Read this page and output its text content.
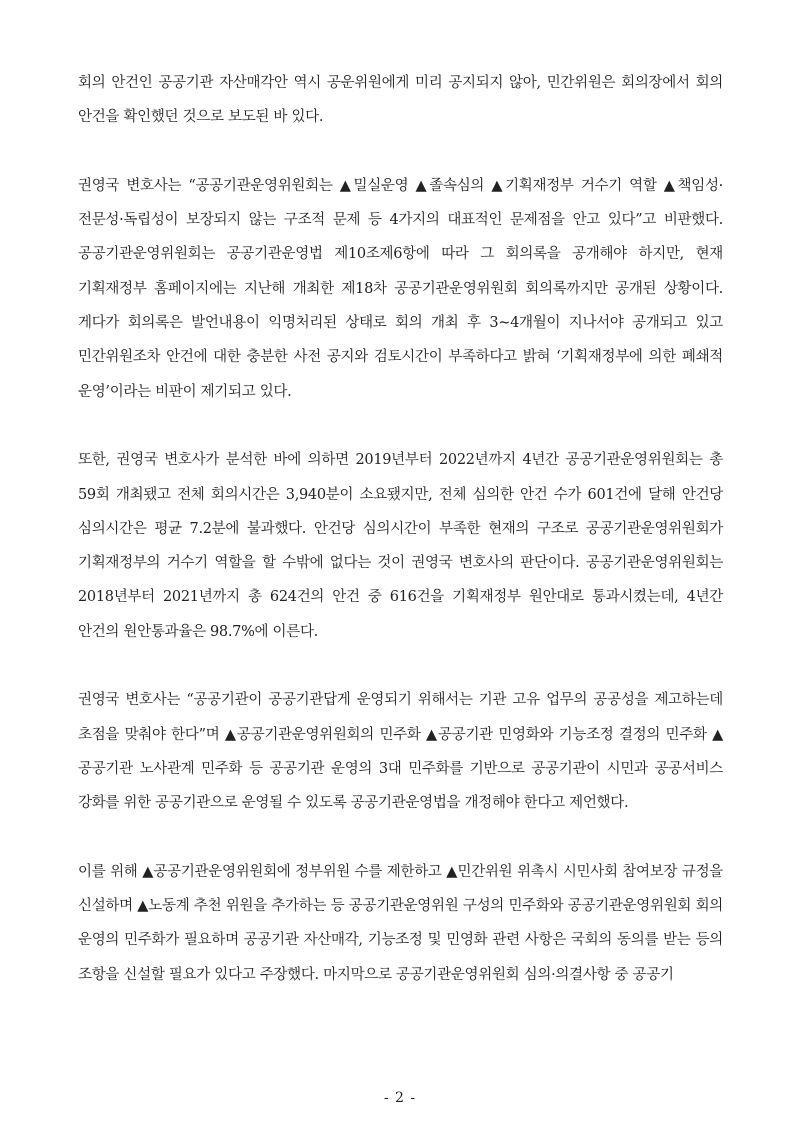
회의 안건인 공공기관 자산매각안 역시 공운위원에게 미리 공지되지 않아, 민간위원은 회의장에서 회의 안건을 확인했던 것으로 보도된 바 있다.

권영국 변호사는 “공공기관운영위원회는 ▲밀실운영 ▲졸속심의 ▲기획재정부 거수기 역할 ▲책임성·전문성·독립성이 보장되지 않는 구조적 문제 등 4가지의 대표적인 문제점을 안고 있다”고 비판했다. 공공기관운영위원회는 공공기관운영법 제10조제6항에 따라 그 회의록을 공개해야 하지만, 현재 기획재정부 홈페이지에는 지난해 개최한 제18차 공공기관운영위원회 회의록까지만 공개된 상황이다. 게다가 회의록은 발언내용이 익명처리된 상태로 회의 개최 후 3~4개월이 지나서야 공개되고 있고 민간위원조차 안건에 대한 충분한 사전 공지와 검토시간이 부족하다고 밝혀 ‘기획재정부에 의한 폐쇄적 운영’이라는 비판이 제기되고 있다.

또한, 권영국 변호사가 분석한 바에 의하면 2019년부터 2022년까지 4년간 공공기관운영위원회는 총 59회 개최됐고 전체 회의시간은 3,940분이 소요됐지만, 전체 심의한 안건 수가 601건에 달해 안건당 심의시간은 평균 7.2분에 불과했다. 안건당 심의시간이 부족한 현재의 구조로 공공기관운영위원회가 기획재정부의 거수기 역할을 할 수밖에 없다는 것이 권영국 변호사의 판단이다. 공공기관운영위원회는 2018년부터 2021년까지 총 624건의 안건 중 616건을 기획재정부 원안대로 통과시켰는데, 4년간 안건의 원안통과율은 98.7%에 이른다.

권영국 변호사는 “공공기관이 공공기관답게 운영되기 위해서는 기관 고유 업무의 공공성을 제고하는데 초점을 맞춰야 한다”며 ▲공공기관운영위원회의 민주화 ▲공공기관 민영화와 기능조정 결정의 민주화 ▲공공기관 노사관계 민주화 등 공공기관 운영의 3대 민주화를 기반으로 공공기관이 시민과 공공서비스 강화를 위한 공공기관으로 운영될 수 있도록 공공기관운영법을 개정해야 한다고 제언했다.

이를 위해 ▲공공기관운영위원회에 정부위원 수를 제한하고 ▲민간위원 위촉시 시민사회 참여보장 규정을 신설하며 ▲노동계 추천 위원을 추가하는 등 공공기관운영위원 구성의 민주화와 공공기관운영위원회 회의 운영의 민주화가 필요하며 공공기관 자산매각, 기능조정 및 민영화 관련 사항은 국회의 동의를 받는 등의 조항을 신설할 필요가 있다고 주장했다. 마지막으로 공공기관운영위원회 심의·의결사항 중 공공기

- 2 -
